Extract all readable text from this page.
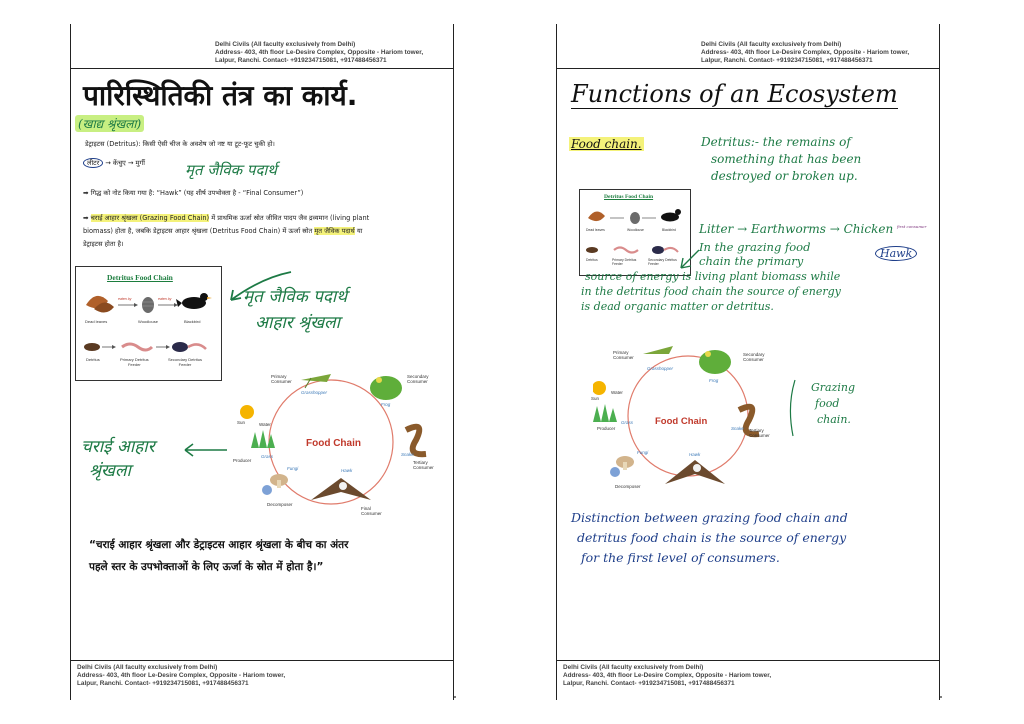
Delhi Civils (All faculty exclusively from Delhi)
Address- 403, 4th floor Le-Desire Complex, Opposite - Hariom tower,
Lalpur, Ranchi. Contact- +919234715081, +917488456371
पारिस्थितिकी तंत्र का कार्य.
(खाद्य श्रृंखला)
डेट्राइटस (Detritus): किसी ऐसी चीज के अवशेष जो नष्ट या टूट-फूट चुकी हो।
लीटर → केंचुए → मुर्गी	मृत जैविक पदार्थ
➡ गिद्ध को नोट किया गया है: “Hawk” (यह शीर्ष उपभोक्ता है - “Final Consumer”)
➡ चराई आहार श्रृंखला (Grazing Food Chain) में प्राथमिक ऊर्जा स्रोत जीवित पादप जैव द्रव्यमान (living plant
biomass) होता है, जबकि डेट्राइटस आहार श्रृंखला (Detritus Food Chain) में ऊर्जा स्रोत मृत जैविक पदार्थ या
डेट्राइटस होता है।
Detritus Food Chain
eaten by	eaten by
Dead leaves	Woodlouse	Blackbird
Detritus	Primary Detritus
Feeder
Secondary Detritus
Feeder
मृत जैविक पदार्थ
आहार श्रृंखला
Food Chain
Primary
Consumer
Grasshopper
Secondary
Consumer
Frog
Sun	Water
Producer
Grass	Snake
Tertiary
Consumer
Fungi	Hawk
Decomposer
Final
Consumer
चराई आहार
श्रृंखला
“चराई आहार श्रृंखला और डेट्राइटस आहार श्रृंखला के बीच का अंतर
पहले स्तर के उपभोक्ताओं के लिए ऊर्जा के स्रोत में होता है।”
Delhi Civils (All faculty exclusively from Delhi)
Address- 403, 4th floor Le-Desire Complex, Opposite - Hariom tower,
Lalpur, Ranchi. Contact- +919234715081, +917488456371
Delhi Civils (All faculty exclusively from Delhi)
Address- 403, 4th floor Le-Desire Complex, Opposite - Hariom tower,
Lalpur, Ranchi. Contact- +919234715081, +917488456371
Functions of an Ecosystem
Food chain.	Detritus:- the remains of
something that has been
destroyed or broken up.
Detritus Food Chain
Dead leaves	Woodlouse	Blackbird
Detritus	Primary Detritus
Feeder
Secondary Detritus
Feeder
Litter → Earthworms → Chicken first consumer
Hawk
In the grazing food
chain the primary
source of energy is living plant biomass while
in the detritus food chain the source of energy
is dead organic matter or detritus.
Food Chain
Primary
Consumer
Grasshopper
Secondary
Consumer
Frog
Sun
Water
Producer
Grass
Snake Tertiary
Consumer
Fungi	Hawk
Decomposer
Grazing
food
chain.
Distinction between grazing food chain and
detritus food chain is the source of energy
for the first level of consumers.
Delhi Civils (All faculty exclusively from Delhi)
Address- 403, 4th floor Le-Desire Complex, Opposite - Hariom tower,
Lalpur, Ranchi. Contact- +919234715081, +917488456371
